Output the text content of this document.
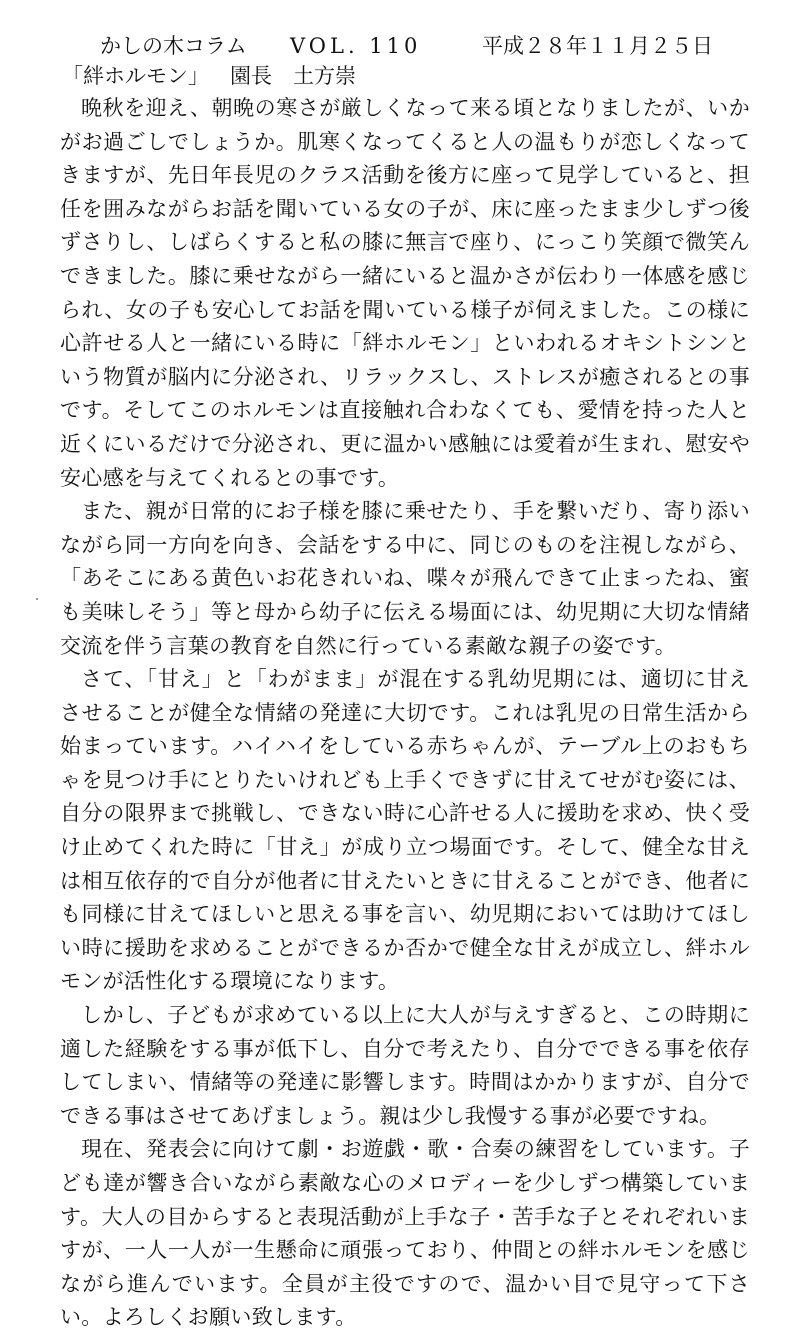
かしの木コラム VOL. 110	平成２８年１１月２５日
「絆ホルモン」 園長　土方崇

晩秋を迎え、朝晩の寒さが厳しくなって来る頃となりましたが、いかがお過ごしでしょうか。肌寒くなってくると人の温もりが恋しくなってきますが、先日年長児のクラス活動を後方に座って見学していると、担任を囲みながらお話を聞いている女の子が、床に座ったまま少しずつ後ずさりし、しばらくすると私の膝に無言で座り、にっこり笑顔で微笑んできました。膝に乗せながら一緒にいると温かさが伝わり一体感を感じられ、女の子も安心してお話を聞いている様子が伺えました。この様に心許せる人と一緒にいる時に「絆ホルモン」といわれるオキシトシンという物質が脳内に分泌され、リラックスし、ストレスが癒されるとの事です。そしてこのホルモンは直接触れ合わなくても、愛情を持った人と近くにいるだけで分泌され、更に温かい感触には愛着が生まれ、慰安や安心感を与えてくれるとの事です。

また、親が日常的にお子様を膝に乗せたり、手を繋いだり、寄り添いながら同一方向を向き、会話をする中に、同じのものを注視しながら、「あそこにある黄色いお花きれいね、喋々が飛んできて止まったね、蜜も美味しそう」等と母から幼子に伝える場面には、幼児期に大切な情緒交流を伴う言葉の教育を自然に行っている素敵な親子の姿です。

さて、「甘え」と「わがまま」が混在する乳幼児期には、適切に甘えさせることが健全な情緒の発達に大切です。これは乳児の日常生活から始まっています。ハイハイをしている赤ちゃんが、テーブル上のおもちゃを見つけ手にとりたいけれども上手くできずに甘えてせがむ姿には、自分の限界まで挑戦し、できない時に心許せる人に援助を求め、快く受け止めてくれた時に「甘え」が成り立つ場面です。そして、健全な甘えは相互依存的で自分が他者に甘えたいときに甘えることができ、他者にも同様に甘えてほしいと思える事を言い、幼児期においては助けてほしい時に援助を求めることができるか否かで健全な甘えが成立し、絆ホルモンが活性化する環境になります。

しかし、子どもが求めている以上に大人が与えすぎると、この時期に適した経験をする事が低下し、自分で考えたり、自分でできる事を依存してしまい、情緒等の発達に影響します。時間はかかりますが、自分でできる事はさせてあげましょう。親は少し我慢する事が必要ですね。

現在、発表会に向けて劇・お遊戯・歌・合奏の練習をしています。子ども達が響き合いながら素敵な心のメロディーを少しずつ構築しています。大人の目からすると表現活動が上手な子・苦手な子とそれぞれいますが、一人一人が一生懸命に頑張っており、仲間との絆ホルモンを感じながら進んでいます。全員が主役ですので、温かい目で見守って下さい。よろしくお願い致します。
